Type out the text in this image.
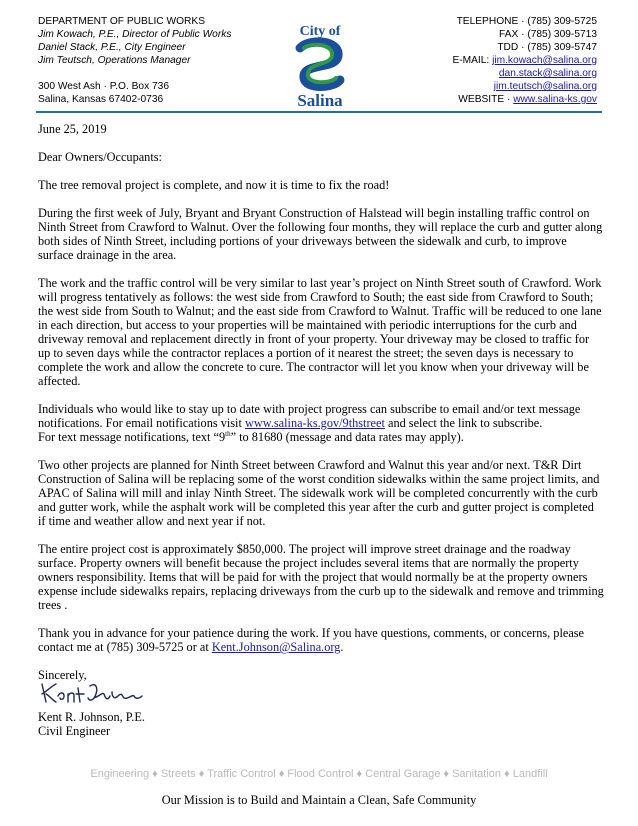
DEPARTMENT OF PUBLIC WORKS
Jim Kowach, P.E., Director of Public Works
Daniel Stack, P.E., City Engineer
Jim Teutsch, Operations Manager
300 West Ash · P.O. Box 736
Salina, Kansas 67402-0736
City of
Salina
TELEPHONE · (785) 309-5725
FAX · (785) 309-5713
TDD · (785) 309-5747
E-MAIL: jim.kowach@salina.org
dan.stack@salina.org
jim.teutsch@salina.org
WEBSITE · www.salina-ks.gov

June 25, 2019

Dear Owners/Occupants:

The tree removal project is complete, and now it is time to fix the road!

During the first week of July, Bryant and Bryant Construction of Halstead will begin installing traffic control on Ninth Street from Crawford to Walnut. Over the following four months, they will replace the curb and gutter along both sides of Ninth Street, including portions of your driveways between the sidewalk and curb, to improve surface drainage in the area.

The work and the traffic control will be very similar to last year’s project on Ninth Street south of Crawford. Work will progress tentatively as follows: the west side from Crawford to South; the east side from Crawford to South; the west side from South to Walnut; and the east side from Crawford to Walnut. Traffic will be reduced to one lane in each direction, but access to your properties will be maintained with periodic interruptions for the curb and driveway removal and replacement directly in front of your property. Your driveway may be closed to traffic for up to seven days while the contractor replaces a portion of it nearest the street; the seven days is necessary to complete the work and allow the concrete to cure. The contractor will let you know when your driveway will be affected.

Individuals who would like to stay up to date with project progress can subscribe to email and/or text message notifications. For email notifications visit www.salina-ks.gov/9thstreet and select the link to subscribe.
For text message notifications, text “9th” to 81680 (message and data rates may apply).

Two other projects are planned for Ninth Street between Crawford and Walnut this year and/or next. T&R Dirt Construction of Salina will be replacing some of the worst condition sidewalks within the same project limits, and APAC of Salina will mill and inlay Ninth Street. The sidewalk work will be completed concurrently with the curb and gutter work, while the asphalt work will be completed this year after the curb and gutter project is completed if time and weather allow and next year if not.

The entire project cost is approximately $850,000. The project will improve street drainage and the roadway surface. Property owners will benefit because the project includes several items that are normally the property owners responsibility. Items that will be paid for with the project that would normally be at the property owners expense include sidewalks repairs, replacing driveways from the curb up to the sidewalk and remove and trimming trees .

Thank you in advance for your patience during the work. If you have questions, comments, or concerns, please contact me at (785) 309-5725 or at Kent.Johnson@Salina.org.

Sincerely,
Kent R. Johnson, P.E.
Civil Engineer
Engineering ♦ Streets ♦ Traffic Control ♦ Flood Control ♦ Central Garage ♦ Sanitation ♦ Landfill
Our Mission is to Build and Maintain a Clean, Safe Community
